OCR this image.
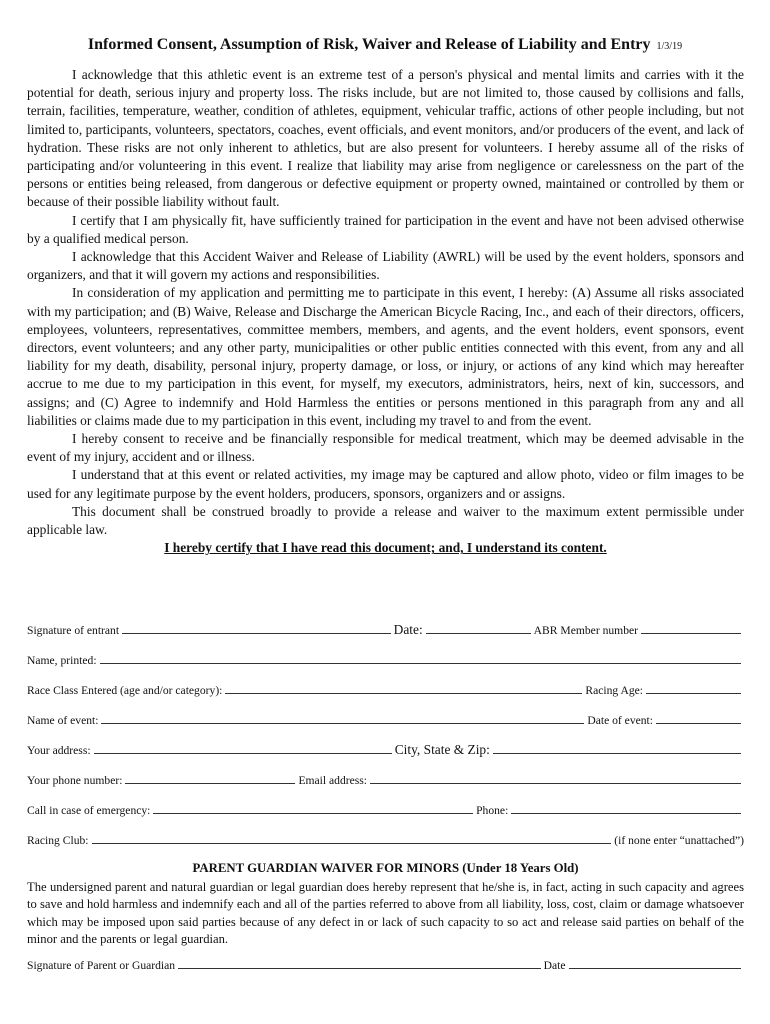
Informed Consent, Assumption of Risk, Waiver and Release of Liability and Entry 1/3/19

I acknowledge that this athletic event is an extreme test of a person's physical and mental limits and carries with it the potential for death, serious injury and property loss. The risks include, but are not limited to, those caused by collisions and falls, terrain, facilities, temperature, weather, condition of athletes, equipment, vehicular traffic, actions of other people including, but not limited to, participants, volunteers, spectators, coaches, event officials, and event monitors, and/or producers of the event, and lack of hydration. These risks are not only inherent to athletics, but are also present for volunteers. I hereby assume all of the risks of participating and/or volunteering in this event. I realize that liability may arise from negligence or carelessness on the part of the persons or entities being released, from dangerous or defective equipment or property owned, maintained or controlled by them or because of their possible liability without fault.

I certify that I am physically fit, have sufficiently trained for participation in the event and have not been advised otherwise by a qualified medical person.

I acknowledge that this Accident Waiver and Release of Liability (AWRL) will be used by the event holders, sponsors and organizers, and that it will govern my actions and responsibilities.

In consideration of my application and permitting me to participate in this event, I hereby: (A) Assume all risks associated with my participation; and (B) Waive, Release and Discharge the American Bicycle Racing, Inc., and each of their directors, officers, employees, volunteers, representatives, committee members, members, and agents, and the event holders, event sponsors, event directors, event volunteers; and any other party, municipalities or other public entities connected with this event, from any and all liability for my death, disability, personal injury, property damage, or loss, or injury, or actions of any kind which may hereafter accrue to me due to my participation in this event, for myself, my executors, administrators, heirs, next of kin, successors, and assigns; and (C) Agree to indemnify and Hold Harmless the entities or persons mentioned in this paragraph from any and all liabilities or claims made due to my participation in this event, including my travel to and from the event.

I hereby consent to receive and be financially responsible for medical treatment, which may be deemed advisable in the event of my injury, accident and or illness.

I understand that at this event or related activities, my image may be captured and allow photo, video or film images to be used for any legitimate purpose by the event holders, producers, sponsors, organizers and or assigns.

This document shall be construed broadly to provide a release and waiver to the maximum extent permissible under applicable law.

I hereby certify that I have read this document; and, I understand its content.

Signature of entrant	Date:	ABR Member number
Name, printed:
Race Class Entered (age and/or category):	Racing Age:
Name of event:	Date of event:
Your address:	City, State & Zip:
Your phone number:	Email address:
Call in case of emergency:	Phone:
Racing Club:	(if none enter “unattached”)
PARENT GUARDIAN WAIVER FOR MINORS (Under 18 Years Old)
The undersigned parent and natural guardian or legal guardian does hereby represent that he/she is, in fact, acting in such capacity and agrees to save and hold harmless and indemnify each and all of the parties referred to above from all liability, loss, cost, claim or damage whatsoever which may be imposed upon said parties because of any defect in or lack of such capacity to so act and release said parties on behalf of the minor and the parents or legal guardian.
Signature of Parent or Guardian	Date
